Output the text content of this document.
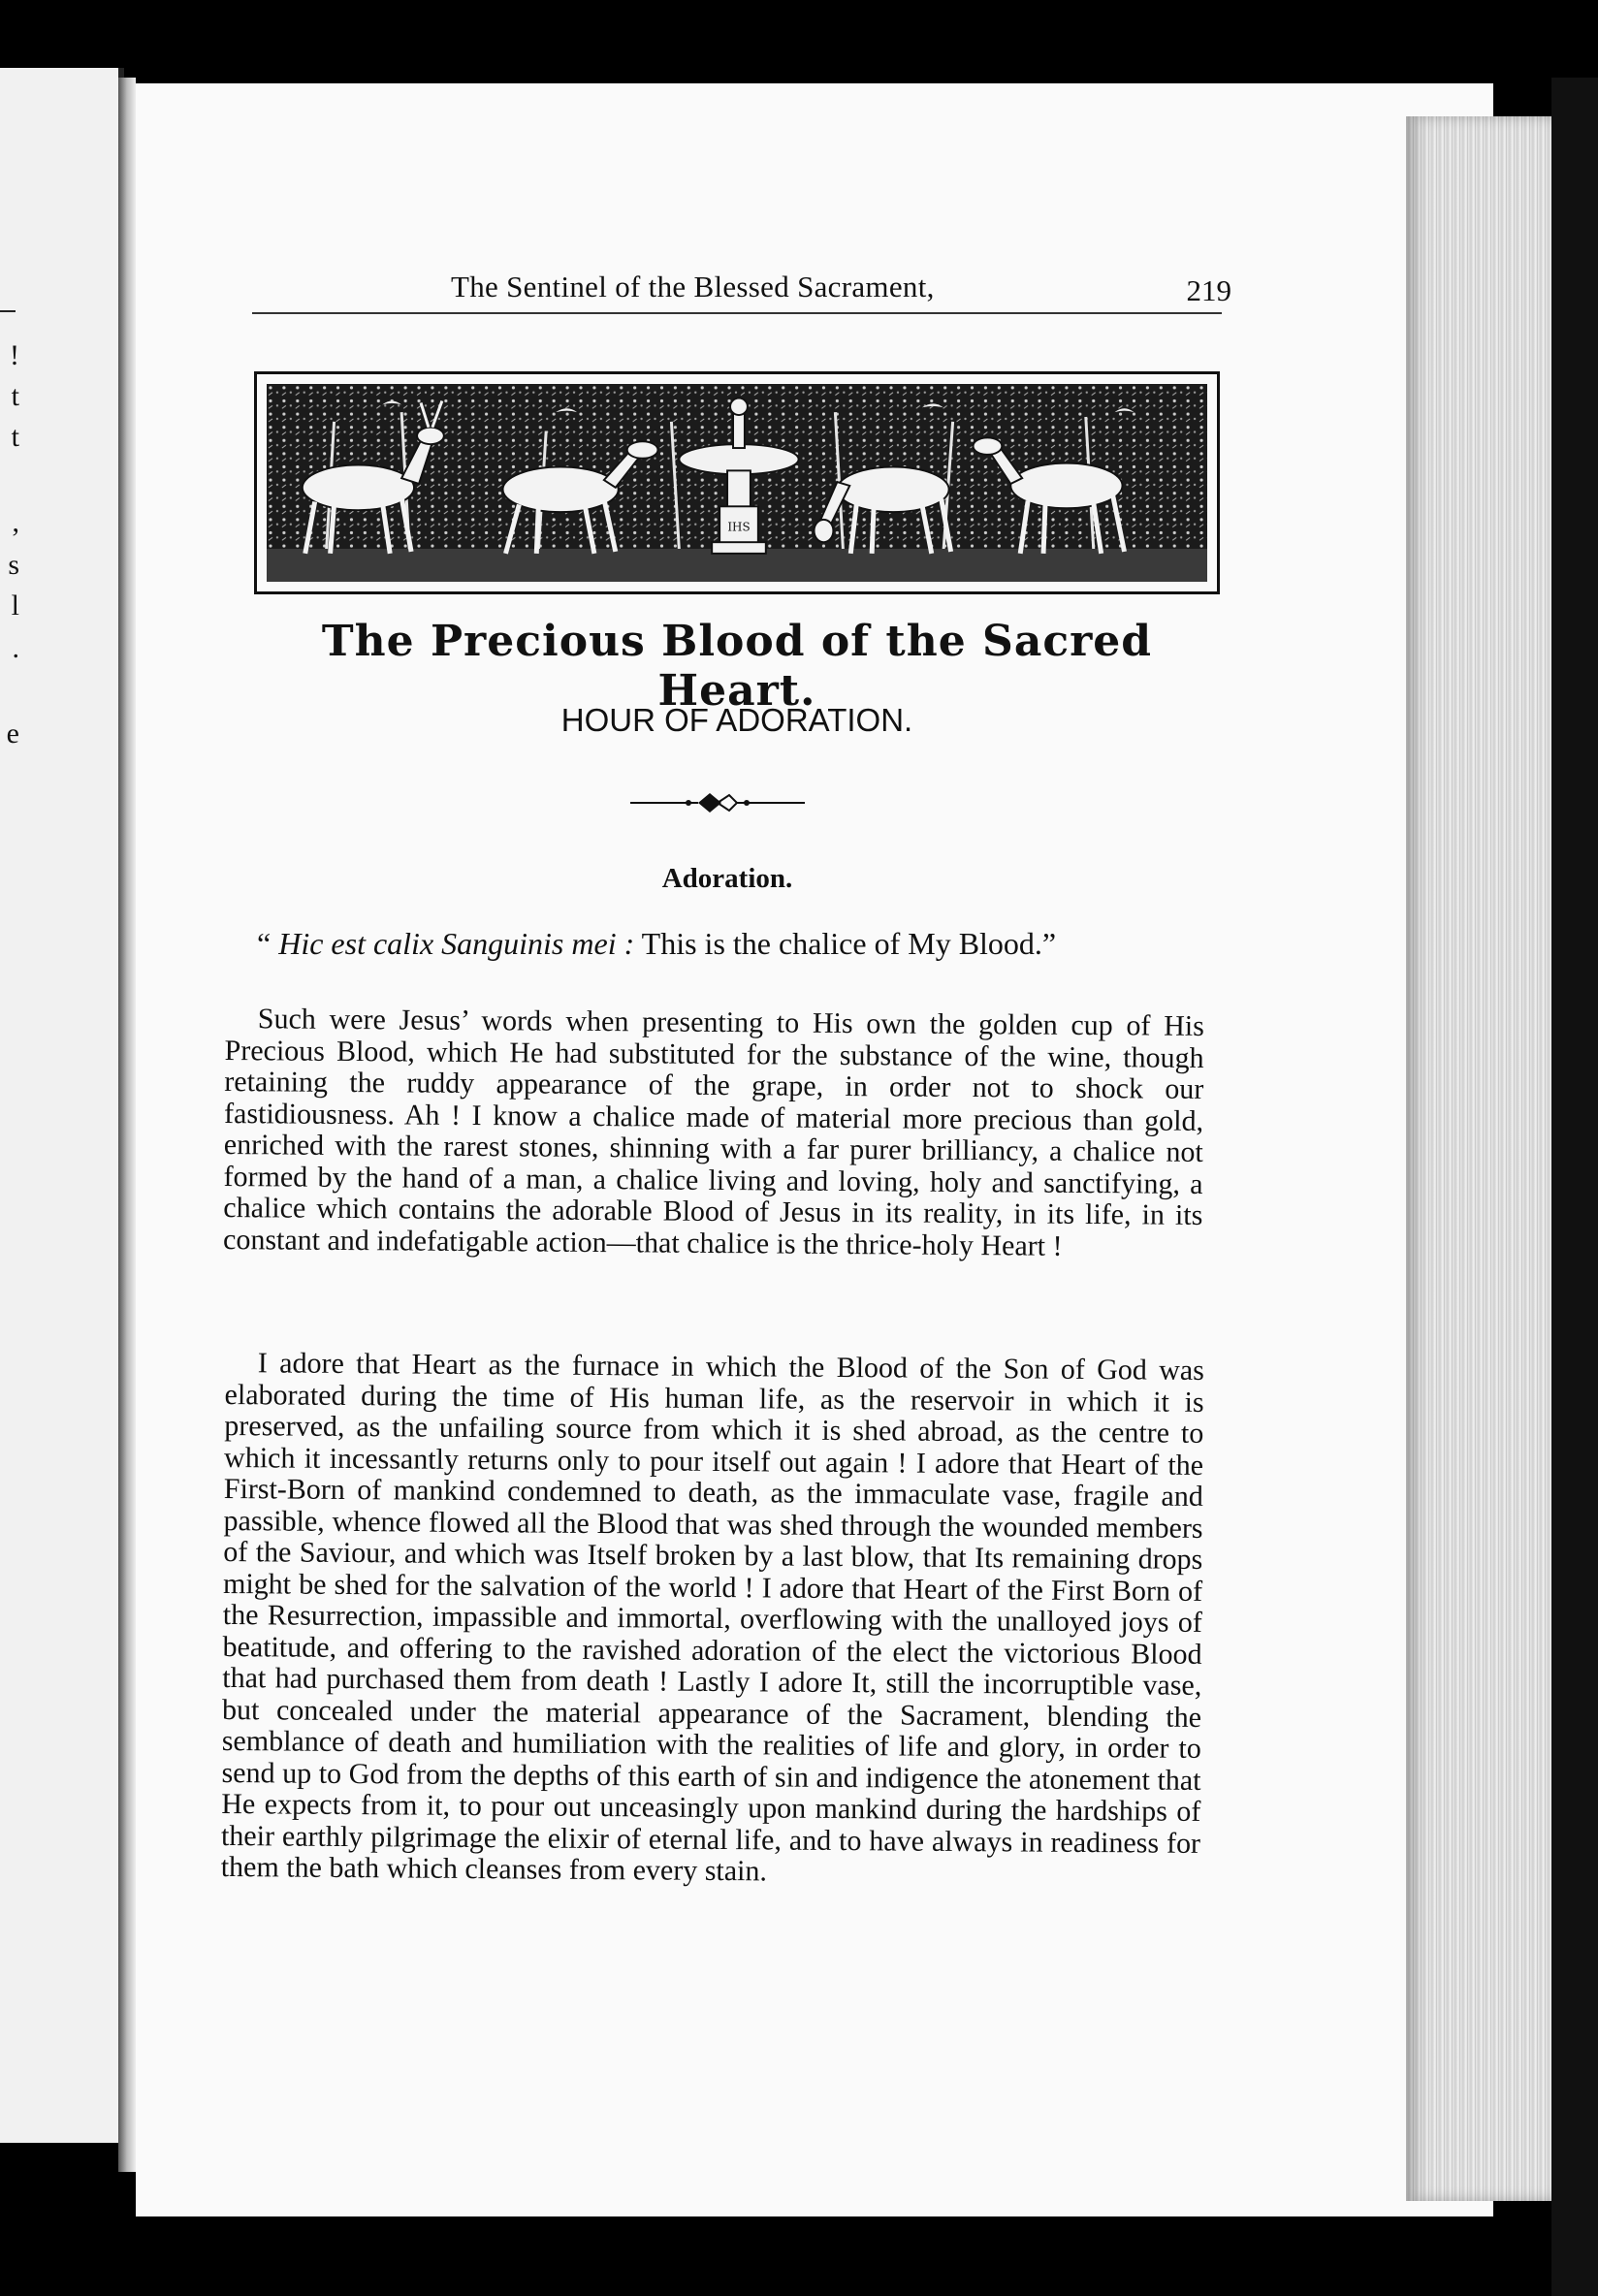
!
t
t
,
s
l
.
e
The Sentinel of the Blessed Sacrament,	219
IHS
The Precious Blood of the Sacred Heart.
HOUR OF ADORATION.
Adoration.
“ Hic est calix Sanguinis mei : This is the chalice of My Blood.”

Such were Jesus’ words when presenting to His own the golden cup of His Precious Blood, which He had substituted for the substance of the wine, though retaining the ruddy appearance of the grape, in order not to shock our fastidiousness. Ah ! I know a chalice made of material more precious than gold, enriched with the rarest stones, shinning with a far purer brilliancy, a chalice not formed by the hand of a man, a chalice living and loving, holy and sanctifying, a chalice which contains the adorable Blood of Jesus in its reality, in its life, in its constant and indefatigable action—that chalice is the thrice-holy Heart !

I adore that Heart as the furnace in which the Blood of the Son of God was elaborated during the time of His human life, as the reservoir in which it is preserved, as the unfailing source from which it is shed abroad, as the centre to which it incessantly returns only to pour itself out again ! I adore that Heart of the First-Born of mankind condemned to death, as the immaculate vase, fragile and passible, whence flowed all the Blood that was shed through the wounded members of the Saviour, and which was Itself broken by a last blow, that Its remaining drops might be shed for the salvation of the world ! I adore that Heart of the First Born of the Resurrection, impassible and immortal, overflowing with the unalloyed joys of beatitude, and offering to the ravished adoration of the elect the victorious Blood that had purchased them from death ! Lastly I adore It, still the incorruptible vase, but concealed under the material appearance of the Sacrament, blending the semblance of death and humiliation with the realities of life and glory, in order to send up to God from the depths of this earth of sin and indigence the atonement that He expects from it, to pour out unceasingly upon mankind during the hardships of their earthly pilgrimage the elixir of eternal life, and to have always in readiness for them the bath which cleanses from every stain.
